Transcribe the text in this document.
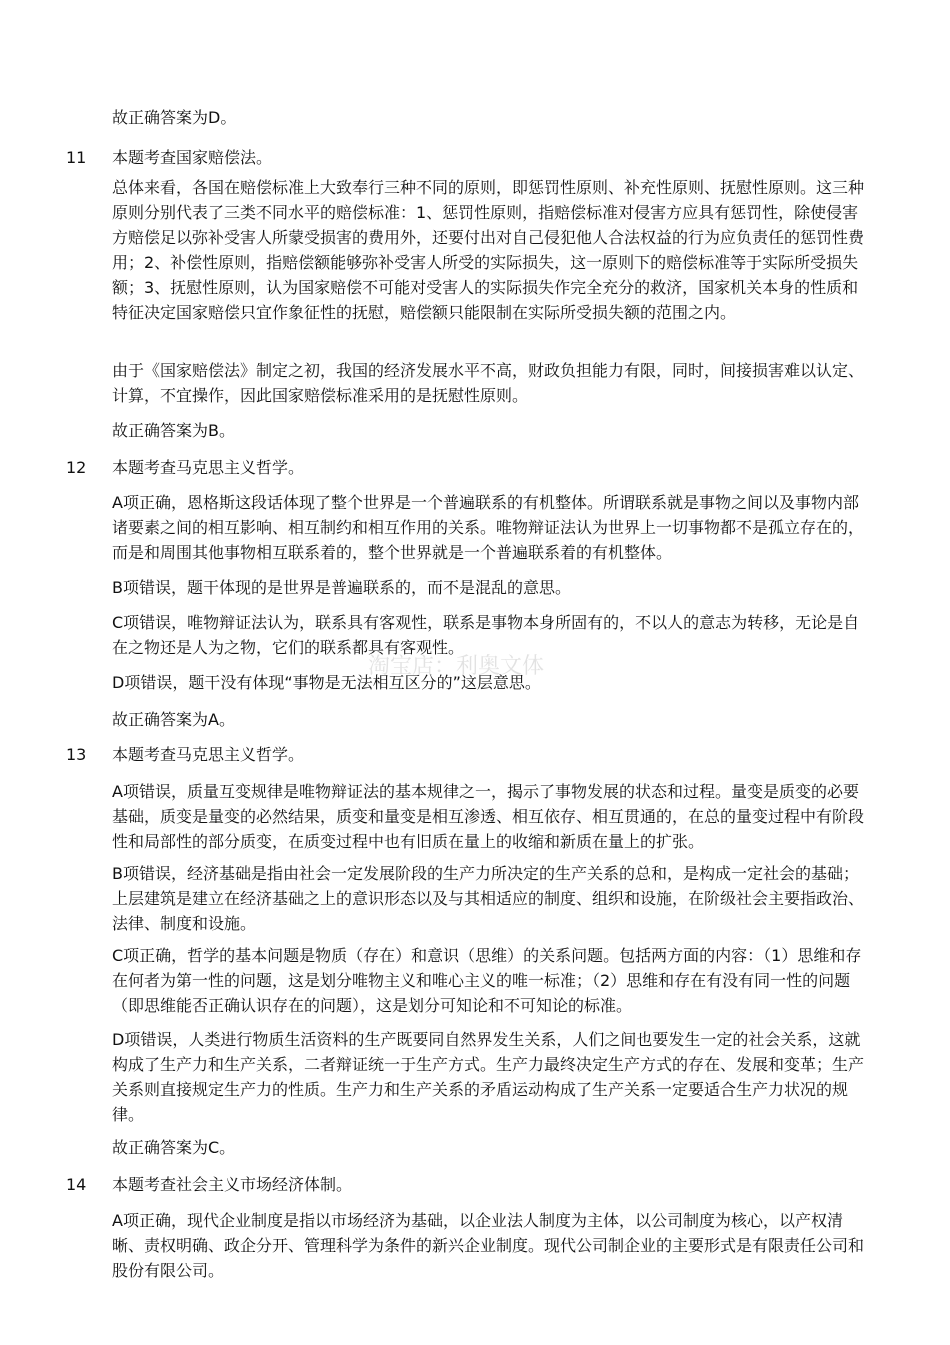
故正确答案为D。

11 本题考查国家赔偿法。

总体来看，各国在赔偿标准上大致奉行三种不同的原则，即惩罚性原则、补充性原则、抚慰性原则。这三种原则分别代表了三类不同水平的赔偿标准：1、惩罚性原则，指赔偿标准对侵害方应具有惩罚性，除使侵害方赔偿足以弥补受害人所蒙受损害的费用外，还要付出对自己侵犯他人合法权益的行为应负责任的惩罚性费用；2、补偿性原则，指赔偿额能够弥补受害人所受的实际损失，这一原则下的赔偿标准等于实际所受损失额；3、抚慰性原则，认为国家赔偿不可能对受害人的实际损失作完全充分的救济，国家机关本身的性质和特征决定国家赔偿只宜作象征性的抚慰，赔偿额只能限制在实际所受损失额的范围之内。

由于《国家赔偿法》制定之初，我国的经济发展水平不高，财政负担能力有限，同时，间接损害难以认定、计算，不宜操作，因此国家赔偿标准采用的是抚慰性原则。

故正确答案为B。

12 本题考查马克思主义哲学。

A项正确，恩格斯这段话体现了整个世界是一个普遍联系的有机整体。所谓联系就是事物之间以及事物内部诸要素之间的相互影响、相互制约和相互作用的关系。唯物辩证法认为世界上一切事物都不是孤立存在的，而是和周围其他事物相互联系着的，整个世界就是一个普遍联系着的有机整体。

B项错误，题干体现的是世界是普遍联系的，而不是混乱的意思。

C项错误，唯物辩证法认为，联系具有客观性，联系是事物本身所固有的，不以人的意志为转移，无论是自在之物还是人为之物，它们的联系都具有客观性。

D项错误，题干没有体现“事物是无法相互区分的”这层意思。

故正确答案为A。

13 本题考查马克思主义哲学。

A项错误，质量互变规律是唯物辩证法的基本规律之一，揭示了事物发展的状态和过程。量变是质变的必要基础，质变是量变的必然结果，质变和量变是相互渗透、相互依存、相互贯通的，在总的量变过程中有阶段性和局部性的部分质变，在质变过程中也有旧质在量上的收缩和新质在量上的扩张。

B项错误，经济基础是指由社会一定发展阶段的生产力所决定的生产关系的总和，是构成一定社会的基础；上层建筑是建立在经济基础之上的意识形态以及与其相适应的制度、组织和设施，在阶级社会主要指政治、法律、制度和设施。

C项正确，哲学的基本问题是物质（存在）和意识（思维）的关系问题。包括两方面的内容：（1）思维和存在何者为第一性的问题，这是划分唯物主义和唯心主义的唯一标准；（2）思维和存在有没有同一性的问题（即思维能否正确认识存在的问题），这是划分可知论和不可知论的标准。

D项错误，人类进行物质生活资料的生产既要同自然界发生关系，人们之间也要发生一定的社会关系，这就构成了生产力和生产关系，二者辩证统一于生产方式。生产力最终决定生产方式的存在、发展和变革；生产关系则直接规定生产力的性质。生产力和生产关系的矛盾运动构成了生产关系一定要适合生产力状况的规律。

故正确答案为C。

14 本题考查社会主义市场经济体制。

A项正确，现代企业制度是指以市场经济为基础，以企业法人制度为主体，以公司制度为核心，以产权清晰、责权明确、政企分开、管理科学为条件的新兴企业制度。现代公司制企业的主要形式是有限责任公司和股份有限公司。

淘宝店：利奥文体
